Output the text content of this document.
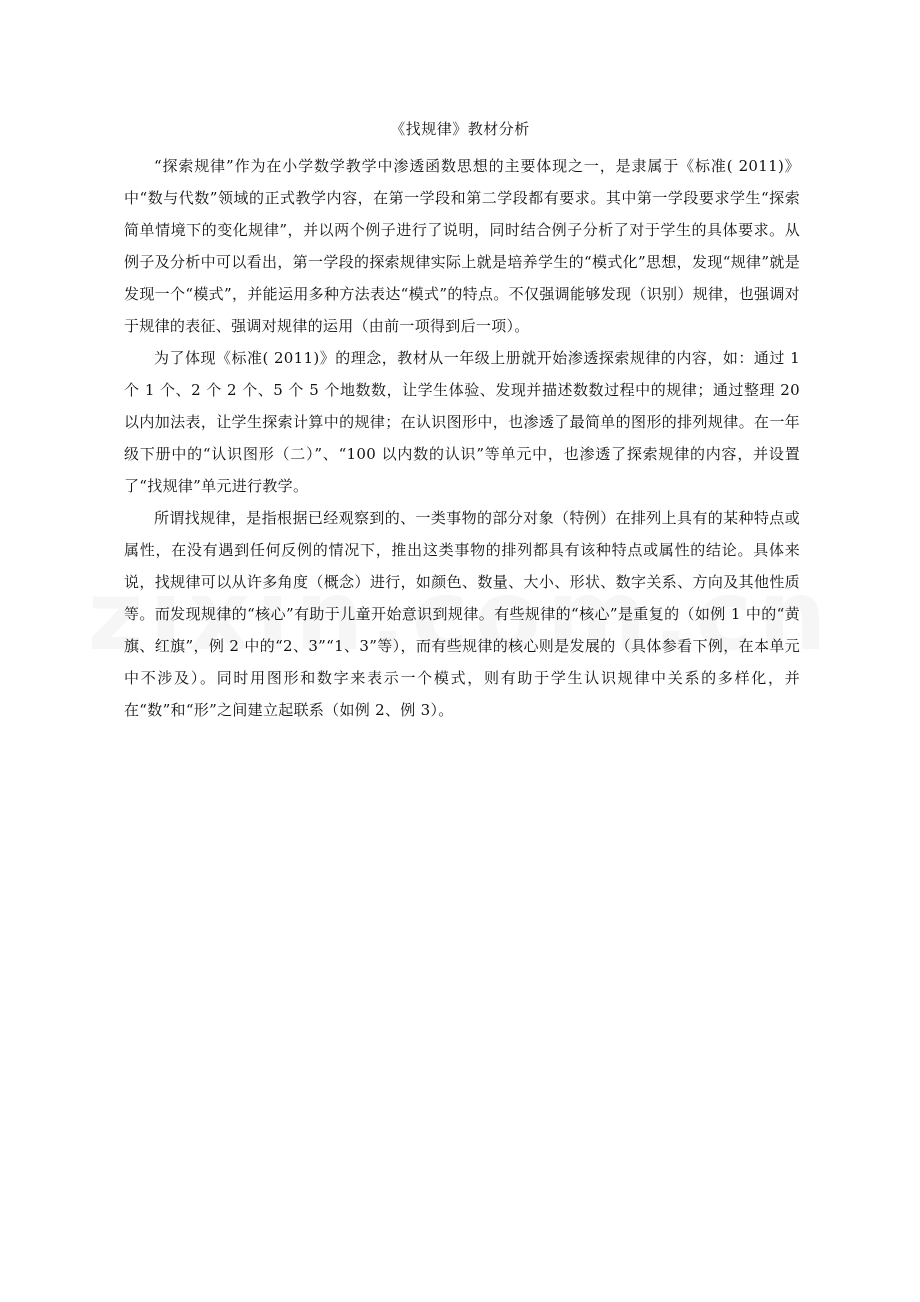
《找规律》教材分析

“探索规律”作为在小学数学教学中渗透函数思想的主要体现之一，是隶属于《标准( 2011)》中“数与代数”领域的正式教学内容，在第一学段和第二学段都有要求。其中第一学段要求学生“探索简单情境下的变化规律”，并以两个例子进行了说明，同时结合例子分析了对于学生的具体要求。从例子及分析中可以看出，第一学段的探索规律实际上就是培养学生的“模式化”思想，发现“规律”就是发现一个“模式”，并能运用多种方法表达“模式”的特点。不仅强调能够发现（识别）规律，也强调对于规律的表征、强调对规律的运用（由前一项得到后一项）。

为了体现《标准( 2011)》的理念，教材从一年级上册就开始渗透探索规律的内容，如：通过 1 个 1 个、2 个 2 个、5 个 5 个地数数，让学生体验、发现并描述数数过程中的规律；通过整理 20 以内加法表，让学生探索计算中的规律；在认识图形中，也渗透了最简单的图形的排列规律。在一年级下册中的“认识图形（二）”、“100 以内数的认识”等单元中，也渗透了探索规律的内容，并设置了“找规律”单元进行教学。

所谓找规律，是指根据已经观察到的、一类事物的部分对象（特例）在排列上具有的某种特点或属性，在没有遇到任何反例的情况下，推出这类事物的排列都具有该种特点或属性的结论。具体来说，找规律可以从许多角度（概念）进行，如颜色、数量、大小、形状、数字关系、方向及其他性质等。而发现规律的“核心”有助于儿童开始意识到规律。有些规律的“核心”是重复的（如例 1 中的“黄旗、红旗”，例 2 中的“2、3”“1、3”等），而有些规律的核心则是发展的（具体参看下例，在本单元中不涉及）。同时用图形和数字来表示一个模式，则有助于学生认识规律中关系的多样化，并在“数”和“形”之间建立起联系（如例 2、例 3）。
